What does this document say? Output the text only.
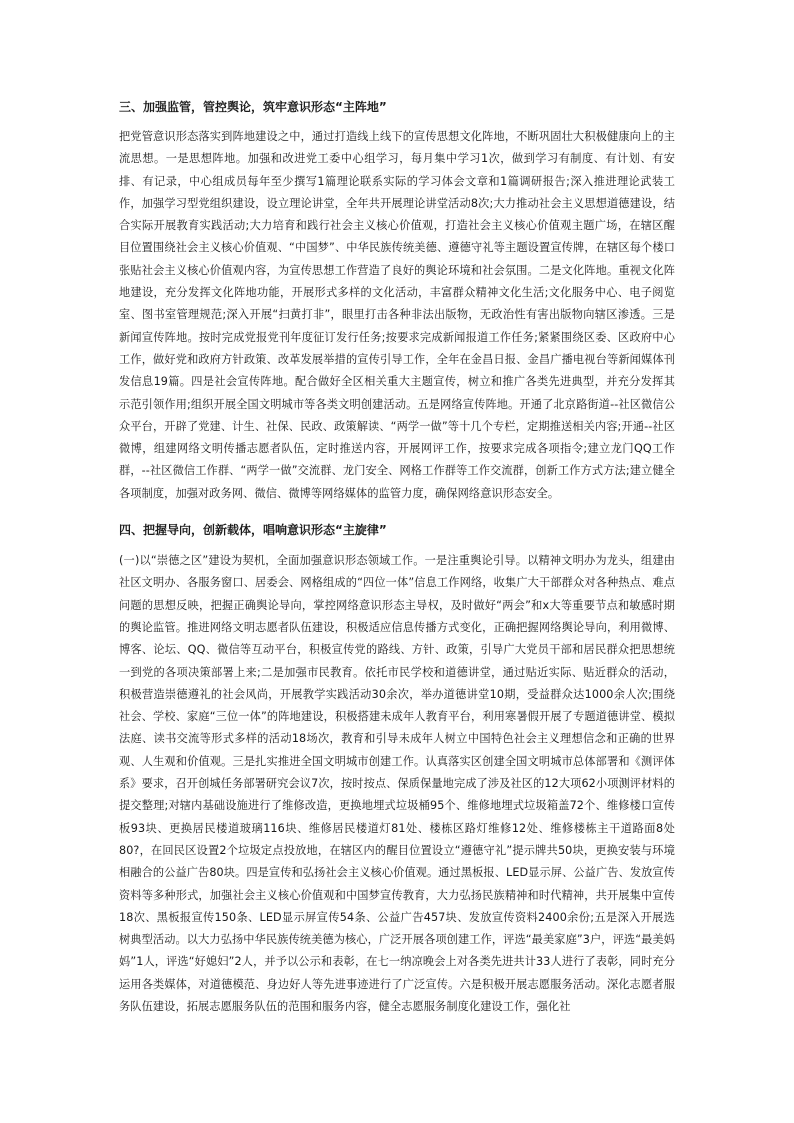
三、加强监管，管控舆论，筑牢意识形态“主阵地”

把党管意识形态落实到阵地建设之中，通过打造线上线下的宣传思想文化阵地，不断巩固壮大积极健康向上的主流思想。一是思想阵地。加强和改进党工委中心组学习，每月集中学习1次，做到学习有制度、有计划、有安排、有记录，中心组成员每年至少撰写1篇理论联系实际的学习体会文章和1篇调研报告;深入推进理论武装工作，加强学习型党组织建设，设立理论讲堂，全年共开展理论讲堂活动8次;大力推动社会主义思想道德建设，结合实际开展教育实践活动;大力培育和践行社会主义核心价值观，打造社会主义核心价值观主题广场，在辖区醒目位置围绕社会主义核心价值观、“中国梦”、中华民族传统美德、遵德守礼等主题设置宣传牌，在辖区每个楼口张贴社会主义核心价值观内容，为宣传思想工作营造了良好的舆论环境和社会氛围。二是文化阵地。重视文化阵地建设，充分发挥文化阵地功能，开展形式多样的文化活动，丰富群众精神文化生活;文化服务中心、电子阅览室、图书室管理规范;深入开展“扫黄打非”，眼里打击各种非法出版物，无政治性有害出版物向辖区渗透。三是新闻宣传阵地。按时完成党报党刊年度征订发行任务;按要求完成新闻报道工作任务;紧紧围绕区委、区政府中心工作，做好党和政府方针政策、改革发展举措的宣传引导工作，全年在金昌日报、金昌广播电视台等新闻媒体刊发信息19篇。四是社会宣传阵地。配合做好全区相关重大主题宣传，树立和推广各类先进典型，并充分发挥其示范引领作用;组织开展全国文明城市等各类文明创建活动。五是网络宣传阵地。开通了北京路街道--社区微信公众平台，开辟了党建、计生、社保、民政、政策解读、“两学一做”等十几个专栏，定期推送相关内容;开通--社区微博，组建网络文明传播志愿者队伍，定时推送内容，开展网评工作，按要求完成各项指令;建立龙门QQ工作群，--社区微信工作群、“两学一做”交流群、龙门安全、网格工作群等工作交流群，创新工作方式方法;建立健全各项制度，加强对政务网、微信、微博等网络媒体的监管力度，确保网络意识形态安全。

四、把握导向，创新载体，唱响意识形态“主旋律”

(一)以“崇德之区”建设为契机，全面加强意识形态领域工作。一是注重舆论引导。以精神文明办为龙头，组建由社区文明办、各服务窗口、居委会、网格组成的“四位一体”信息工作网络，收集广大干部群众对各种热点、难点问题的思想反映，把握正确舆论导向，掌控网络意识形态主导权，及时做好“两会”和x大等重要节点和敏感时期的舆论监管。推进网络文明志愿者队伍建设，积极适应信息传播方式变化，正确把握网络舆论导向，利用微博、博客、论坛、QQ、微信等互动平台，积极宣传党的路线、方针、政策，引导广大党员干部和居民群众把思想统一到党的各项决策部署上来;二是加强市民教育。依托市民学校和道德讲堂，通过贴近实际、贴近群众的活动，积极营造崇德遵礼的社会风尚，开展教学实践活动30余次，举办道德讲堂10期，受益群众达1000余人次;围绕社会、学校、家庭“三位一体”的阵地建设，积极搭建未成年人教育平台，利用寒暑假开展了专题道德讲堂、模拟法庭、读书交流等形式多样的活动18场次，教育和引导未成年人树立中国特色社会主义理想信念和正确的世界观、人生观和价值观。三是扎实推进全国文明城市创建工作。认真落实区创建全国文明城市总体部署和《测评体系》要求，召开创城任务部署研究会议7次，按时按点、保质保量地完成了涉及社区的12大项62小项测评材料的提交整理;对辖内基础设施进行了维修改造，更换地埋式垃圾桶95个、维修地埋式垃圾箱盖72个、维修楼口宣传板93块、更换居民楼道玻璃116块、维修居民楼道灯81处、楼栋区路灯维修12处、维修楼栋主干道路面8处80?，在回民区设置2个垃圾定点投放地，在辖区内的醒目位置设立“遵德守礼”提示牌共50块，更换安装与环境相融合的公益广告80块。四是宣传和弘扬社会主义核心价值观。通过黑板报、LED显示屏、公益广告、发放宣传资料等多种形式，加强社会主义核心价值观和中国梦宣传教育，大力弘扬民族精神和时代精神，共开展集中宣传18次、黑板报宣传150条、LED显示屏宣传54条、公益广告457块、发放宣传资料2400余份;五是深入开展选树典型活动。以大力弘扬中华民族传统美德为核心，广泛开展各项创建工作，评选“最美家庭”3户，评选“最美妈妈”1人，评选“好媳妇”2人，并予以公示和表彰，在七一纳凉晚会上对各类先进共计33人进行了表彰，同时充分运用各类媒体，对道德模范、身边好人等先进事迹进行了广泛宣传。六是积极开展志愿服务活动。深化志愿者服务队伍建设，拓展志愿服务队伍的范围和服务内容，健全志愿服务制度化建设工作，强化社
